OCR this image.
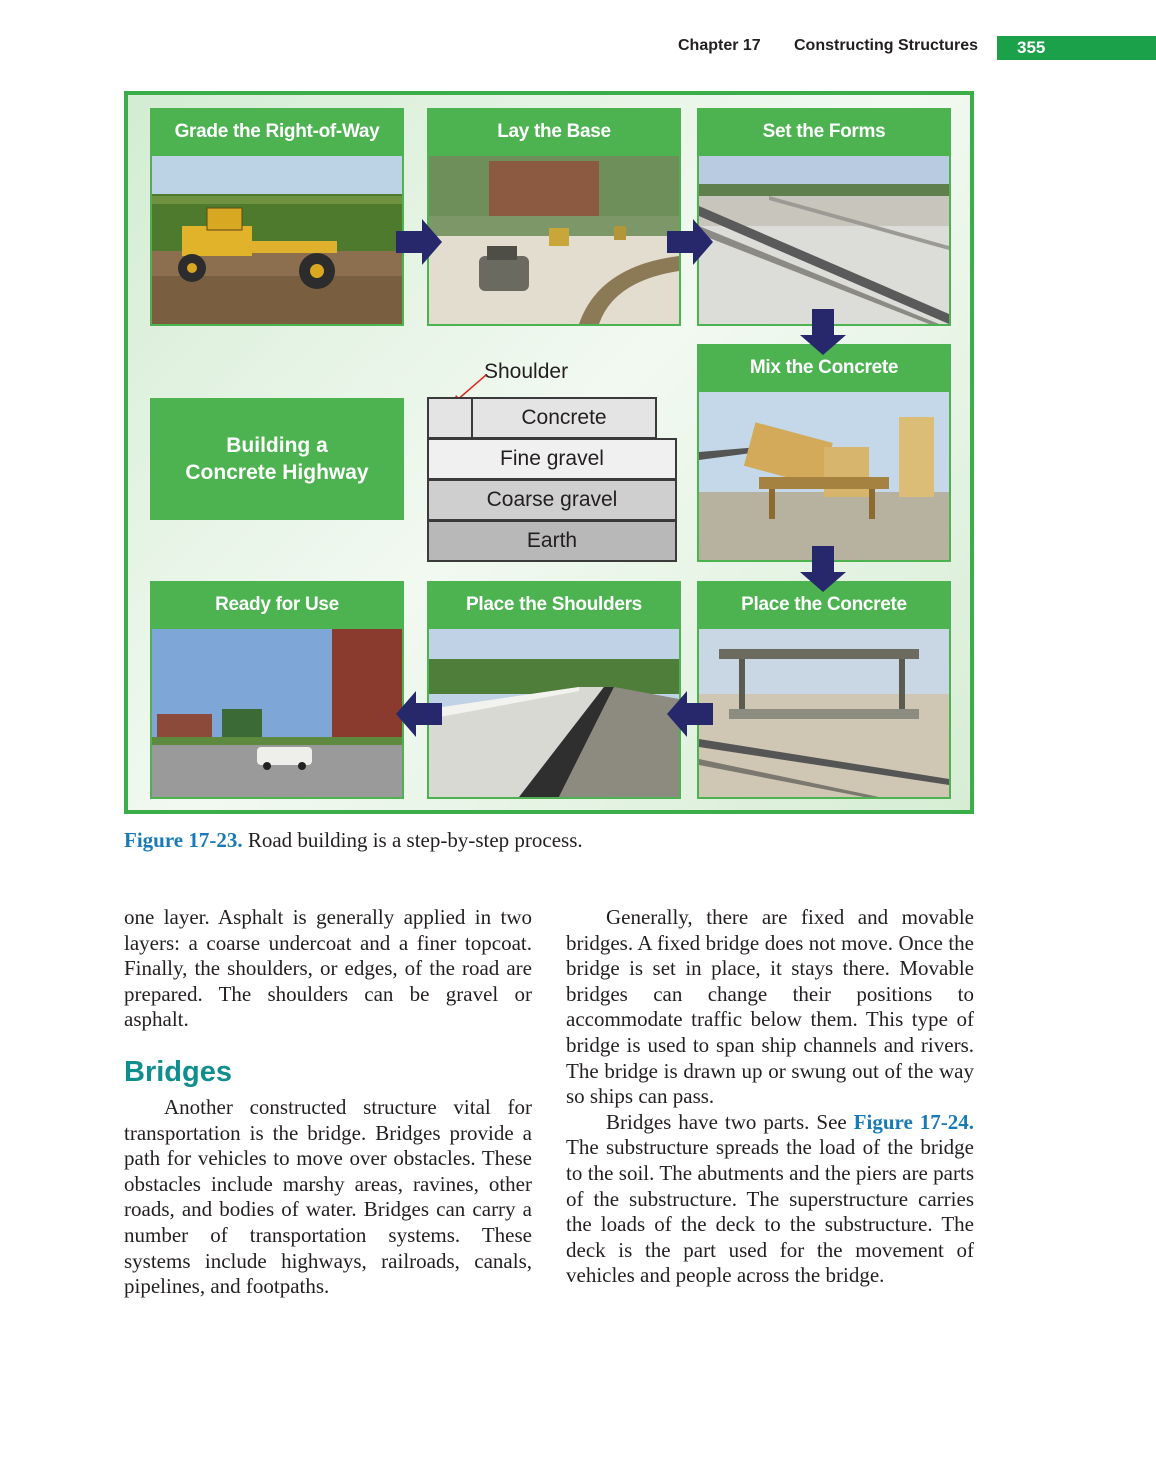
Chapter 17 Constructing Structures 355
Grade the Right-of-Way	Lay the Base	Set the Forms
Mix the Concrete
Ready for Use	Place the Shoulders	Place the Concrete
Building a
Concrete Highway
Shoulder
Concrete
Fine gravel
Coarse gravel
Earth
Figure 17-23. Road building is a step-by-step process.

one layer. Asphalt is generally applied in two layers: a coarse undercoat and a finer topcoat. Finally, the shoulders, or edges, of the road are prepared. The shoulders can be gravel or asphalt.

Bridges

Another constructed structure vital for transportation is the bridge. Bridges provide a path for vehicles to move over obstacles. These obstacles include marshy areas, ravines, other roads, and bodies of water. Bridges can carry a number of transportation systems. These systems include highways, railroads, canals, pipelines, and footpaths.

Generally, there are fixed and movable bridges. A fixed bridge does not move. Once the bridge is set in place, it stays there. Movable bridges can change their positions to accommodate traffic below them. This type of bridge is used to span ship channels and rivers. The bridge is drawn up or swung out of the way so ships can pass.

Bridges have two parts. See Figure 17-24. The substructure spreads the load of the bridge to the soil. The abutments and the piers are parts of the substructure. The superstructure carries the loads of the deck to the substructure. The deck is the part used for the movement of vehicles and people across the bridge.
